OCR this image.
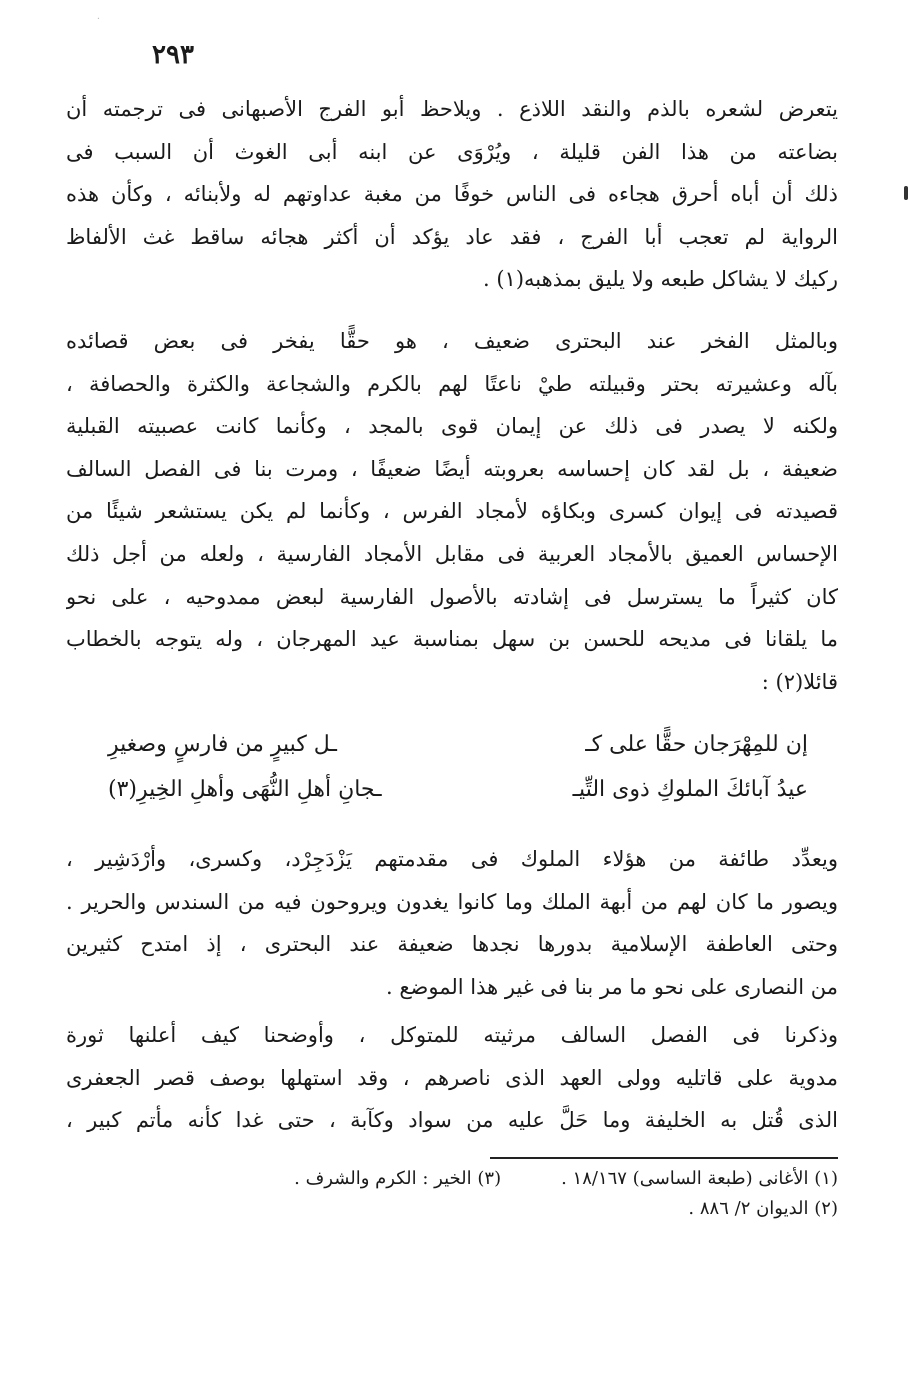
·
٢٩٣
يتعرض لشعره بالذم والنقد اللاذع . ويلاحظ أبو الفرج الأصبهانى فى ترجمته أن
بضاعته من هذا الفن قليلة ، ويُرْوَى عن ابنه أبى الغوث أن السبب فى
ذلك أن أباه أحرق هجاءه فى الناس خوفًا من مغبة عداوتهم له ولأبنائه ، وكأن هذه
الرواية لم تعجب أبا الفرج ، فقد عاد يؤكد أن أكثر هجائه ساقط غث الألفاظ
ركيك لا يشاكل طبعه ولا يليق بمذهبه(١) .
وبالمثل الفخر عند البحترى ضعيف ، هو حقًّا يفخر فى بعض قصائده
بآله وعشيرته بحتر وقبيلته طيْ ناعتًا لهم بالكرم والشجاعة والكثرة والحصافة ،
ولكنه لا يصدر فى ذلك عن إيمان قوى بالمجد ، وكأنما كانت عصبيته القبلية
ضعيفة ، بل لقد كان إحساسه بعروبته أيضًا ضعيفًا ، ومرت بنا فى الفصل السالف
قصيدته فى إيوان كسرى وبكاؤه لأمجاد الفرس ، وكأنما لم يكن يستشعر شيئًا من
الإحساس العميق بالأمجاد العربية فى مقابل الأمجاد الفارسية ، ولعله من أجل ذلك
كان كثيراً ما يسترسل فى إشادته بالأصول الفارسية لبعض ممدوحيه ، على نحو
ما يلقانا فى مديحه للحسن بن سهل بمناسبة عيد المهرجان ، وله يتوجه بالخطاب
قائلا(٢) :
إن للمِهْرَجان حقًّا على كـ
ـل كبيرٍ من فارسٍ وصغيرِ
عيدُ آبائكَ الملوكِ ذوى التِّيـ
ـجانِ أهلِ النُّهَى وأهلِ الخِيرِ(٣)
ويعدِّد طائفة من هؤلاء الملوك فى مقدمتهم يَزْدَجِرْد، وكسرى، وأرْدَشِير ،
ويصور ما كان لهم من أبهة الملك وما كانوا يغدون ويروحون فيه من السندس والحرير .
وحتى العاطفة الإسلامية بدورها نجدها ضعيفة عند البحترى ، إذ امتدح كثيرين
من النصارى على نحو ما مر بنا فى غير هذا الموضع .
وذكرنا فى الفصل السالف مرثيته للمتوكل ، وأوضحنا كيف أعلنها ثورة
مدوية على قاتليه وولى العهد الذى ناصرهم ، وقد استهلها بوصف قصر الجعفرى
الذى قُتل به الخليفة وما حَلَّ عليه من سواد وكآبة ، حتى غدا كأنه مأتم كبير ،
(١) الأغانى (طبعة الساسى) ١٨/١٦٧ .
(٣) الخير : الكرم والشرف .
(٢) الديوان ٢/ ٨٨٦ .
